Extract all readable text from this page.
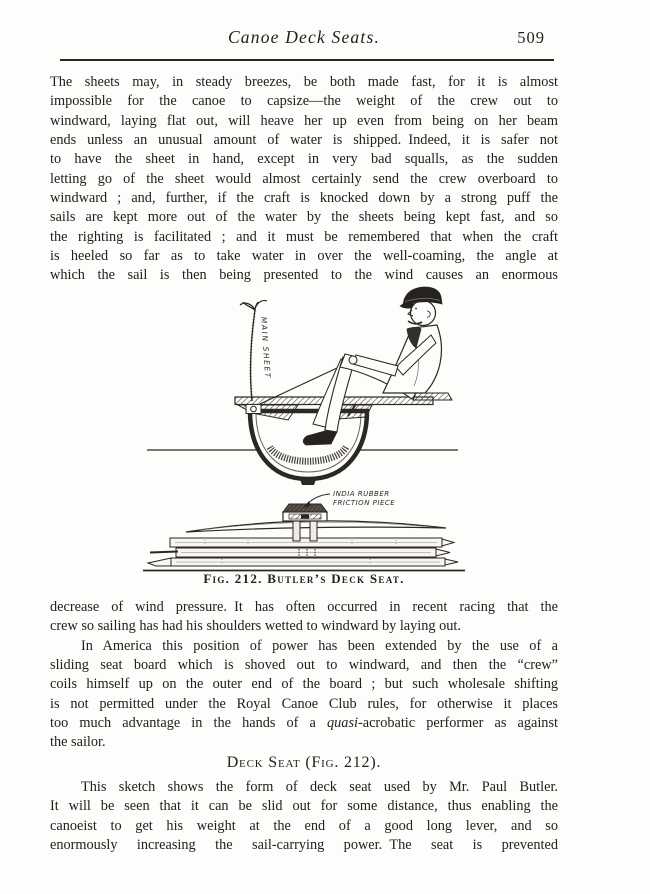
Canoe Deck Seats.	509
The sheets may, in steady breezes, be both made fast, for it is almost
impossible for the canoe to capsize—the weight of the crew out to
windward, laying flat out, will heave her up even from being on her beam
ends unless an unusual amount of water is shipped. Indeed, it is safer not
to have the sheet in hand, except in very bad squalls, as the sudden
letting go of the sheet would almost certainly send the crew overboard to
windward ; and, further, if the craft is knocked down by a strong puff the
sails are kept more out of the water by the sheets being kept fast, and so
the righting is facilitated ; and it must be remembered that when the craft
is heeled so far as to take water in over the well-coaming, the angle at
which the sail is then being presented to the wind causes an enormous
decrease of wind pressure. It has often occurred in recent racing that the
crew so sailing has had his shoulders wetted to windward by laying out.
In America this position of power has been extended by the use of a
sliding seat board which is shoved out to windward, and then the “crew”
coils himself up on the outer end of the board ; but such wholesale shifting
is not permitted under the Royal Canoe Club rules, for otherwise it places
too much advantage in the hands of a quasi-acrobatic performer as against
the sailor.
This sketch shows the form of deck seat used by Mr. Paul Butler.
It will be seen that it can be slid out for some distance, thus enabling the
canoeist to get his weight at the end of a good long lever, and so
enormously increasing the sail-carrying power. The seat is prevented
Deck Seat (Fig. 212).
Fig. 212. Butler’s Deck Seat.
MAIN SHEET
INDIA RUBBER
FRICTION PIECE
